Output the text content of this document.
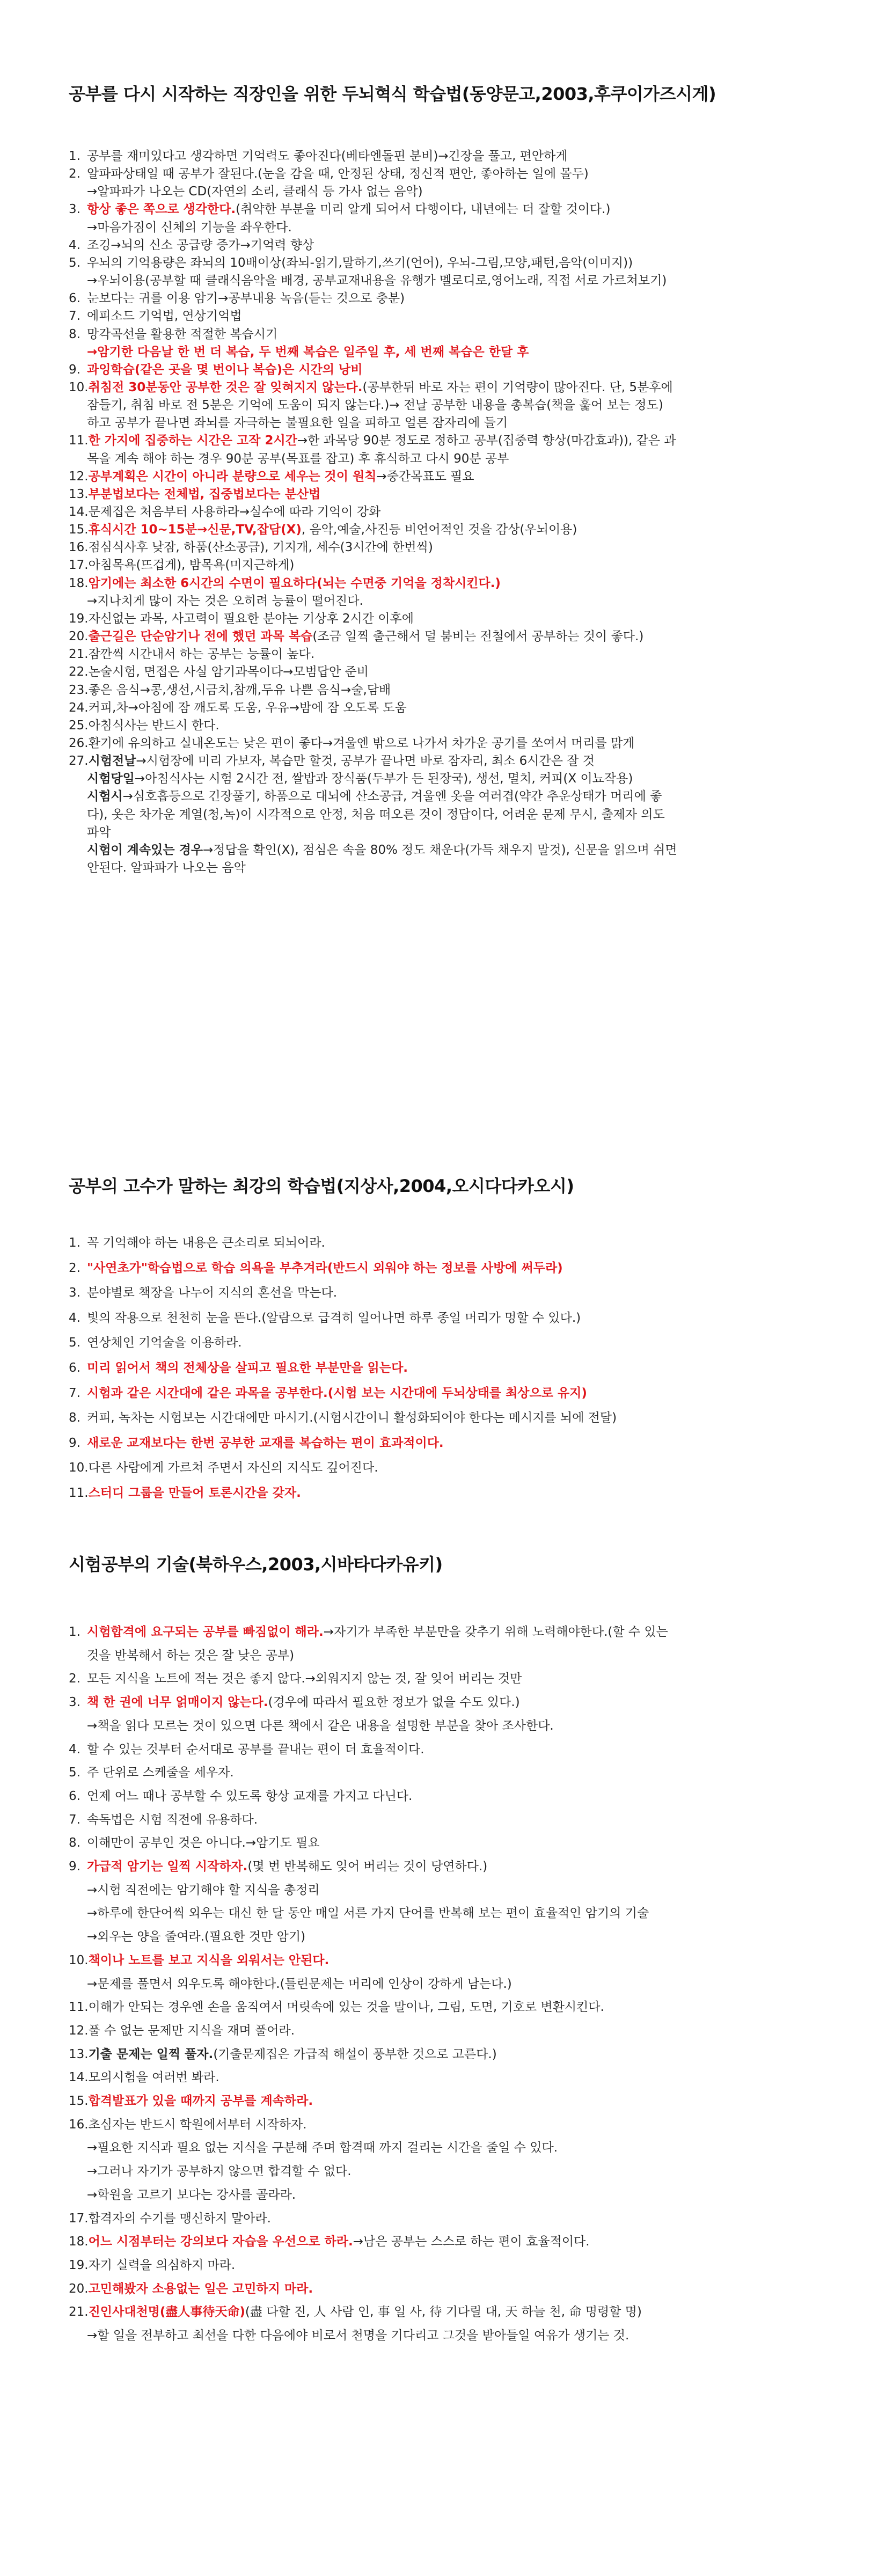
공부를 다시 시작하는 직장인을 위한 두뇌혁식 학습법(동양문고,2003,후쿠이가즈시게)
1. 공부를 재미있다고 생각하면 기억력도 좋아진다(베타엔돌핀 분비)→긴장을 풀고, 편안하게
2. 알파파상태일 때 공부가 잘된다.(눈을 감을 때, 안정된 상태, 정신적 편안, 좋아하는 일에 몰두)
→알파파가 나오는 CD(자연의 소리, 클래식 등 가사 없는 음악)
3. 항상 좋은 쪽으로 생각한다.(취약한 부분을 미리 알게 되어서 다행이다, 내년에는 더 잘할 것이다.)
→마음가짐이 신체의 기능을 좌우한다.
4. 조깅→뇌의 신소 공급량 증가→기억력 향상
5. 우뇌의 기억용량은 좌뇌의 10배이상(좌뇌-읽기,말하기,쓰기(언어), 우뇌-그림,모양,패턴,음악(이미지))
→우뇌이용(공부할 때 클래식음악을 배경, 공부교재내용을 유행가 멜로디로,영어노래, 직접 서로 가르쳐보기)
6. 눈보다는 귀를 이용 암기→공부내용 녹음(듣는 것으로 충분)
7. 에피소드 기억법, 연상기억법
8. 망각곡선을 활용한 적절한 복습시기
→암기한 다음날 한 번 더 복습, 두 번째 복습은 일주일 후, 세 번째 복습은 한달 후
9. 과잉학습(같은 곳을 몇 번이나 복습)은 시간의 낭비
10.취침전 30분동안 공부한 것은 잘 잊혀지지 않는다.(공부한뒤 바로 자는 편이 기억량이 많아진다. 단, 5분후에
잠들기, 취침 바로 전 5분은 기억에 도움이 되지 않는다.)→ 전날 공부한 내용을 총복습(책을 훑어 보는 정도)
하고 공부가 끝나면 좌뇌를 자극하는 불필요한 일을 피하고 얼른 잠자리에 들기
11.한 가지에 집중하는 시간은 고작 2시간→한 과목당 90분 정도로 정하고 공부(집중력 향상(마감효과)), 같은 과
목을 계속 해야 하는 경우 90분 공부(목표를 잡고) 후 휴식하고 다시 90분 공부
12.공부계획은 시간이 아니라 분량으로 세우는 것이 원칙→중간목표도 필요
13.부분법보다는 전체법, 집중법보다는 분산법
14.문제집은 처음부터 사용하라→실수에 따라 기억이 강화
15.휴식시간 10~15분→신문,TV,잡담(X), 음악,예술,사진등 비언어적인 것을 감상(우뇌이용)
16.점심식사후 낮잠, 하품(산소공급), 기지개, 세수(3시간에 한번씩)
17.아침목욕(뜨겁게), 밤목욕(미지근하게)
18.암기에는 최소한 6시간의 수면이 필요하다(뇌는 수면중 기억을 정착시킨다.)
→지나치게 많이 자는 것은 오히려 능률이 떨어진다.
19.자신없는 과목, 사고력이 필요한 분야는 기상후 2시간 이후에
20.출근길은 단순암기나 전에 했던 과목 복습(조금 일찍 출근해서 덜 붐비는 전철에서 공부하는 것이 좋다.)
21.잠깐씩 시간내서 하는 공부는 능률이 높다.
22.논술시험, 면접은 사실 암기과목이다→모범답안 준비
23.좋은 음식→콩,생선,시금치,참깨,두유 나쁜 음식→술,담배
24.커피,차→아침에 잠 깨도록 도움, 우유→밤에 잠 오도록 도움
25.아침식사는 반드시 한다.
26.환기에 유의하고 실내온도는 낮은 편이 좋다→겨울엔 밖으로 나가서 차가운 공기를 쏘여서 머리를 맑게
27.시험전날→시험장에 미리 가보자, 복습만 할것, 공부가 끝나면 바로 잠자리, 최소 6시간은 잘 것
시험당일→아침식사는 시험 2시간 전, 쌀밥과 장식품(두부가 든 된장국), 생선, 멸치, 커피(X 이뇨작용)
시험시→심호흡등으로 긴장풀기, 하품으로 대뇌에 산소공급, 겨울엔 옷을 여러겹(약간 추운상태가 머리에 좋
다), 옷은 차가운 계열(청,녹)이 시각적으로 안정, 처음 떠오른 것이 정답이다, 어려운 문제 무시, 출제자 의도
파악
시험이 계속있는 경우→정답을 확인(X), 점심은 속을 80% 정도 채운다(가득 채우지 말것), 신문을 읽으며 쉬면
안된다. 알파파가 나오는 음악
공부의 고수가 말하는 최강의 학습법(지상사,2004,오시다다카오시)
1. 꼭 기억해야 하는 내용은 큰소리로 되뇌어라.
2. "사연초가"학습법으로 학습 의욕을 부추겨라(반드시 외워야 하는 정보를 사방에 써두라)
3. 분야별로 책장을 나누어 지식의 혼선을 막는다.
4. 빛의 작용으로 천천히 눈을 뜬다.(알람으로 급격히 일어나면 하루 종일 머리가 멍할 수 있다.)
5. 연상체인 기억술을 이용하라.
6. 미리 읽어서 책의 전체상을 살피고 필요한 부분만을 읽는다.
7. 시험과 같은 시간대에 같은 과목을 공부한다.(시험 보는 시간대에 두뇌상태를 최상으로 유지)
8. 커피, 녹차는 시험보는 시간대에만 마시기.(시험시간이니 활성화되어야 한다는 메시지를 뇌에 전달)
9. 새로운 교재보다는 한번 공부한 교재를 복습하는 편이 효과적이다.
10.다른 사람에게 가르쳐 주면서 자신의 지식도 깊어진다.
11.스터디 그룹을 만들어 토론시간을 갖자.
시험공부의 기술(북하우스,2003,시바타다카유키)
1. 시험합격에 요구되는 공부를 빠짐없이 해라.→자기가 부족한 부분만을 갖추기 위해 노력해야한다.(할 수 있는
것을 반복해서 하는 것은 잘 낮은 공부)
2. 모든 지식을 노트에 적는 것은 좋지 않다.→외워지지 않는 것, 잘 잊어 버리는 것만
3. 책 한 권에 너무 얽매이지 않는다.(경우에 따라서 필요한 정보가 없을 수도 있다.)
→책을 읽다 모르는 것이 있으면 다른 책에서 같은 내용을 설명한 부분을 찾아 조사한다.
4. 할 수 있는 것부터 순서대로 공부를 끝내는 편이 더 효율적이다.
5. 주 단위로 스케줄을 세우자.
6. 언제 어느 때나 공부할 수 있도록 항상 교재를 가지고 다닌다.
7. 속독법은 시험 직전에 유용하다.
8. 이해만이 공부인 것은 아니다.→암기도 필요
9. 가급적 암기는 일찍 시작하자.(몇 번 반복해도 잊어 버리는 것이 당연하다.)
→시험 직전에는 암기해야 할 지식을 총정리
→하루에 한단어씩 외우는 대신 한 달 동안 매일 서른 가지 단어를 반복해 보는 편이 효율적인 암기의 기술
→외우는 양을 줄여라.(필요한 것만 암기)
10.책이나 노트를 보고 지식을 외워서는 안된다.
→문제를 풀면서 외우도록 해야한다.(틀린문제는 머리에 인상이 강하게 남는다.)
11.이해가 안되는 경우엔 손을 움직여서 머릿속에 있는 것을 말이나, 그림, 도면, 기호로 변환시킨다.
12.풀 수 없는 문제만 지식을 재며 풀어라.
13.기출 문제는 일찍 풀자.(기출문제집은 가급적 해설이 풍부한 것으로 고른다.)
14.모의시험을 여러번 봐라.
15.합격발표가 있을 때까지 공부를 계속하라.
16.초심자는 반드시 학원에서부터 시작하자.
→필요한 지식과 필요 없는 지식을 구분해 주며 합격때 까지 걸리는 시간을 줄일 수 있다.
→그러나 자기가 공부하지 않으면 합격할 수 없다.
→학원을 고르기 보다는 강사를 골라라.
17.합격자의 수기를 맹신하지 말아라.
18.어느 시점부터는 강의보다 자습을 우선으로 하라.→남은 공부는 스스로 하는 편이 효율적이다.
19.자기 실력을 의심하지 마라.
20.고민해봤자 소용없는 일은 고민하지 마라.
21.진인사대천명(盡人事待天命)(盡 다할 진, 人 사람 인, 事 일 사, 待 기다릴 대, 天 하늘 천, 命 명령할 명)
→할 일을 전부하고 최선을 다한 다음에야 비로서 천명을 기다리고 그것을 받아들일 여유가 생기는 것.
